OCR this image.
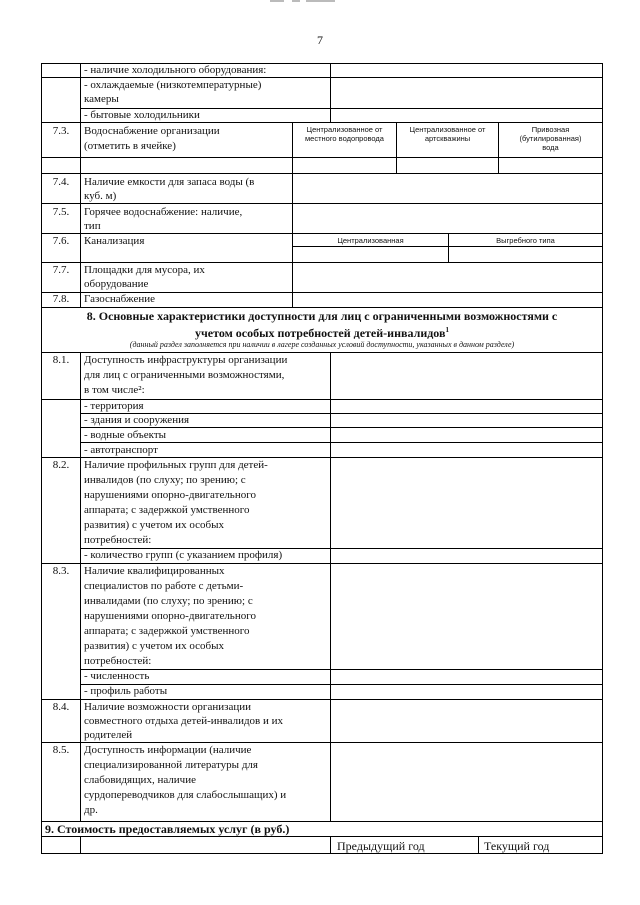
7
7.3.
7.4.
7.5.
7.6.
7.7.
7.8.
8.1.
8.2.
8.3.
8.4.
8.5.
- наличие холодильного оборудования:
- охлаждаемые (низкотемпературные)
камеры
- бытовые холодильники
Водоснабжение организации
(отметить в ячейке)
Наличие емкости для запаса воды (в
куб. м)
Горячее водоснабжение: наличие,
тип
Канализация
Площадки для мусора, их
оборудование
Газоснабжение
Централизованное от
местного водопровода
Централизованное от
артскважины
Привозная
(бутилированная)
вода
Централизованная	Выгребного типа
8. Основные характеристики доступности для лиц с ограниченными возможностями с
учетом особых потребностей детей-инвалидов$^1$
(данный раздел заполняется при наличии в лагере созданных условий доступности, указанных в данном разделе)
Доступность инфраструктуры организации
для лиц с ограниченными возможностями,
в том числе²:
- территория
- здания и сооружения
- водные объекты
- автотранспорт
Наличие профильных групп для детей-
инвалидов (по слуху; по зрению; с
нарушениями опорно-двигательного
аппарата; с задержкой умственного
развития) с учетом их особых
потребностей:
- количество групп (с указанием профиля)
Наличие квалифицированных
специалистов по работе с детьми-
инвалидами (по слуху; по зрению; с
нарушениями опорно-двигательного
аппарата; с задержкой умственного
развития) с учетом их особых
потребностей:
- численность
- профиль работы
Наличие возможности организации
совместного отдыха детей-инвалидов и их
родителей
Доступность информации (наличие
специализированной литературы для
слабовидящих, наличие
сурдопереводчиков для слабослышащих) и
др.
9. Стоимость предоставляемых услуг (в руб.)
Предыдущий год	Текущий год
